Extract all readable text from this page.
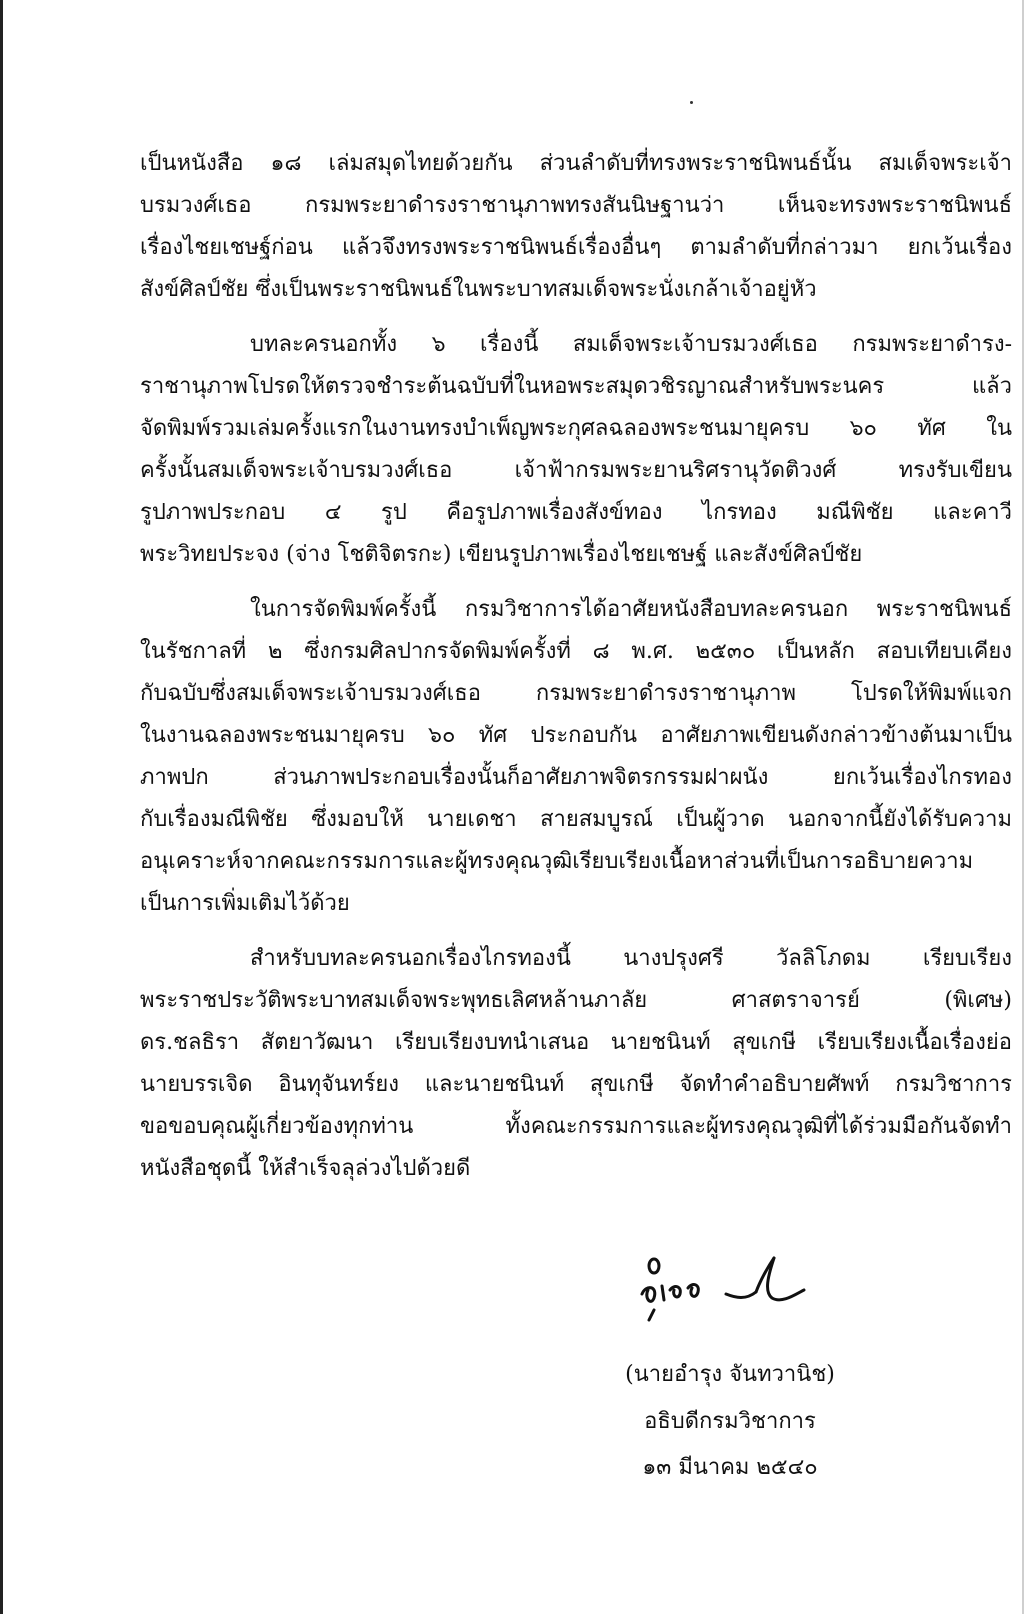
เป็นหนังสือ ๑๘ เล่มสมุดไทยด้วยกัน ส่วนลำดับที่ทรงพระราชนิพนธ์นั้น สมเด็จพระเจ้า
บรมวงศ์เธอ กรมพระยาดำรงราชานุภาพทรงสันนิษฐานว่า เห็นจะทรงพระราชนิพนธ์
เรื่องไชยเชษฐ์ก่อน แล้วจึงทรงพระราชนิพนธ์เรื่องอื่นๆ ตามลำดับที่กล่าวมา ยกเว้นเรื่อง
สังข์ศิลป์ชัย ซึ่งเป็นพระราชนิพนธ์ในพระบาทสมเด็จพระนั่งเกล้าเจ้าอยู่หัว
บทละครนอกทั้ง ๖ เรื่องนี้ สมเด็จพระเจ้าบรมวงศ์เธอ กรมพระยาดำรง-
ราชานุภาพโปรดให้ตรวจชำระต้นฉบับที่ในหอพระสมุดวชิรญาณสำหรับพระนคร แล้ว
จัดพิมพ์รวมเล่มครั้งแรกในงานทรงบำเพ็ญพระกุศลฉลองพระชนมายุครบ ๖๐ ทัศ ใน
ครั้งนั้นสมเด็จพระเจ้าบรมวงศ์เธอ เจ้าฟ้ากรมพระยานริศรานุวัดติวงศ์ ทรงรับเขียน
รูปภาพประกอบ ๔ รูป คือรูปภาพเรื่องสังข์ทอง ไกรทอง มณีพิชัย และคาวี
พระวิทยประจง (จ่าง โชติจิตรกะ) เขียนรูปภาพเรื่องไชยเชษฐ์ และสังข์ศิลป์ชัย
ในการจัดพิมพ์ครั้งนี้ กรมวิชาการได้อาศัยหนังสือบทละครนอก พระราชนิพนธ์
ในรัชกาลที่ ๒ ซึ่งกรมศิลปากรจัดพิมพ์ครั้งที่ ๘ พ.ศ. ๒๕๓๐ เป็นหลัก สอบเทียบเคียง
กับฉบับซึ่งสมเด็จพระเจ้าบรมวงศ์เธอ กรมพระยาดำรงราชานุภาพ โปรดให้พิมพ์แจก
ในงานฉลองพระชนมายุครบ ๖๐ ทัศ ประกอบกัน อาศัยภาพเขียนดังกล่าวข้างต้นมาเป็น
ภาพปก ส่วนภาพประกอบเรื่องนั้นก็อาศัยภาพจิตรกรรมฝาผนัง ยกเว้นเรื่องไกรทอง
กับเรื่องมณีพิชัย ซึ่งมอบให้ นายเดชา สายสมบูรณ์ เป็นผู้วาด นอกจากนี้ยังได้รับความ
อนุเคราะห์จากคณะกรรมการและผู้ทรงคุณวุฒิเรียบเรียงเนื้อหาส่วนที่เป็นการอธิบายความ
เป็นการเพิ่มเติมไว้ด้วย
สำหรับบทละครนอกเรื่องไกรทองนี้ นางปรุงศรี วัลลิโภดม เรียบเรียง
พระราชประวัติพระบาทสมเด็จพระพุทธเลิศหล้านภาลัย ศาสตราจารย์ (พิเศษ)
ดร.ชลธิรา สัตยาวัฒนา เรียบเรียงบทนำเสนอ นายชนินท์ สุขเกษี เรียบเรียงเนื้อเรื่องย่อ
นายบรรเจิด อินทุจันทร์ยง และนายชนินท์ สุขเกษี จัดทำคำอธิบายศัพท์ กรมวิชาการ
ขอขอบคุณผู้เกี่ยวข้องทุกท่าน ทั้งคณะกรรมการและผู้ทรงคุณวุฒิที่ได้ร่วมมือกันจัดทำ
หนังสือชุดนี้ ให้สำเร็จลุล่วงไปด้วยดี
(นายอำรุง จันทวานิช)
อธิบดีกรมวิชาการ
๑๓ มีนาคม ๒๕๔๐
